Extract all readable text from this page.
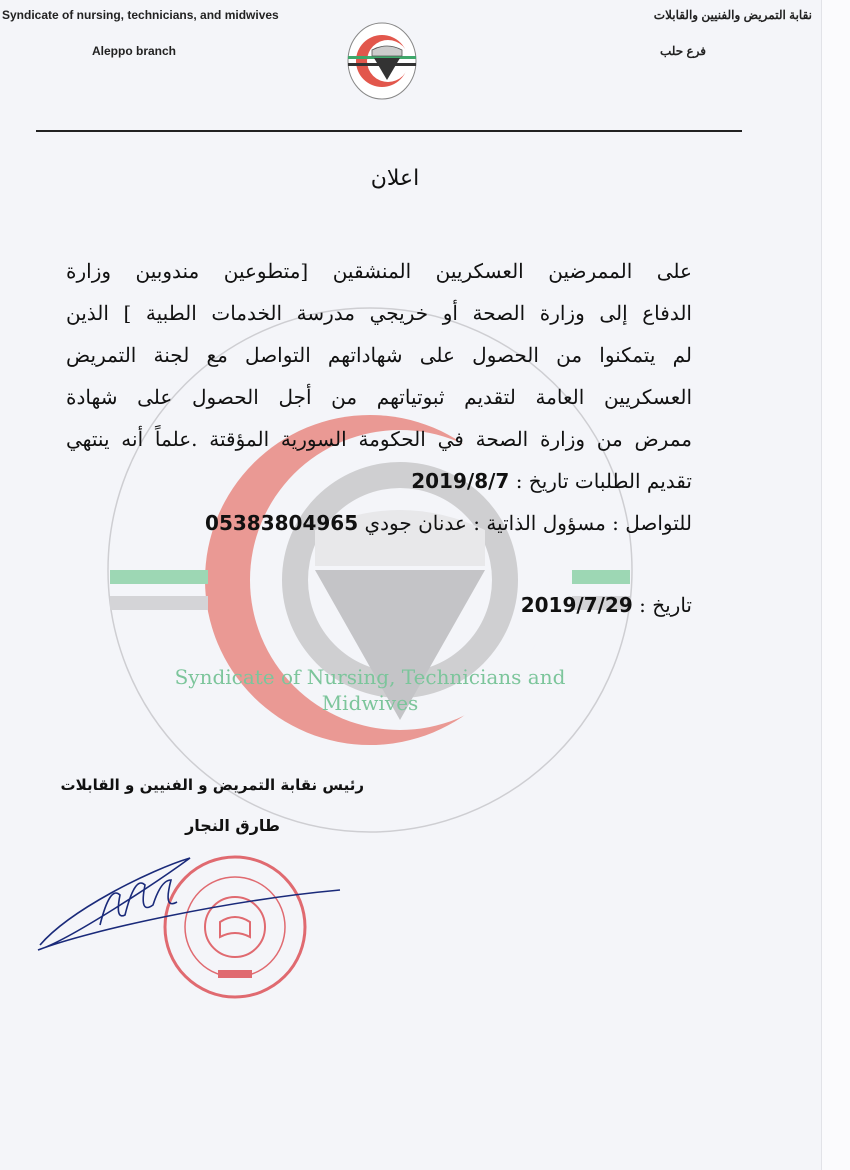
Syndicate of nursing, technicians, and midwives
Aleppo branch
نقابة التمريض والفنيين والقابلات
فرع حلب
Syndicate of Nursing, Technicians and Midwives
اعلان
على الممرضين العسكريين المنشقين [متطوعين مندوبين وزارة
الدفاع إلى وزارة الصحة أو خريجي مدرسة الخدمات الطبية ] الذين
لم يتمكنوا من الحصول على شهاداتهم التواصل مع لجنة التمريض
العسكريين العامة لتقديم ثبوتياتهم من أجل الحصول على شهادة
ممرض من وزارة الصحة في الحكومة السورية المؤقتة .علماً أنه ينتهي
تقديم الطلبات تاريخ : 2019/8/7
للتواصل : مسؤول الذاتية : عدنان جودي 05383804965
تاريخ : 2019/7/29
رئيس نقابة التمريض و الفنيين و القابلات
طارق النجار
